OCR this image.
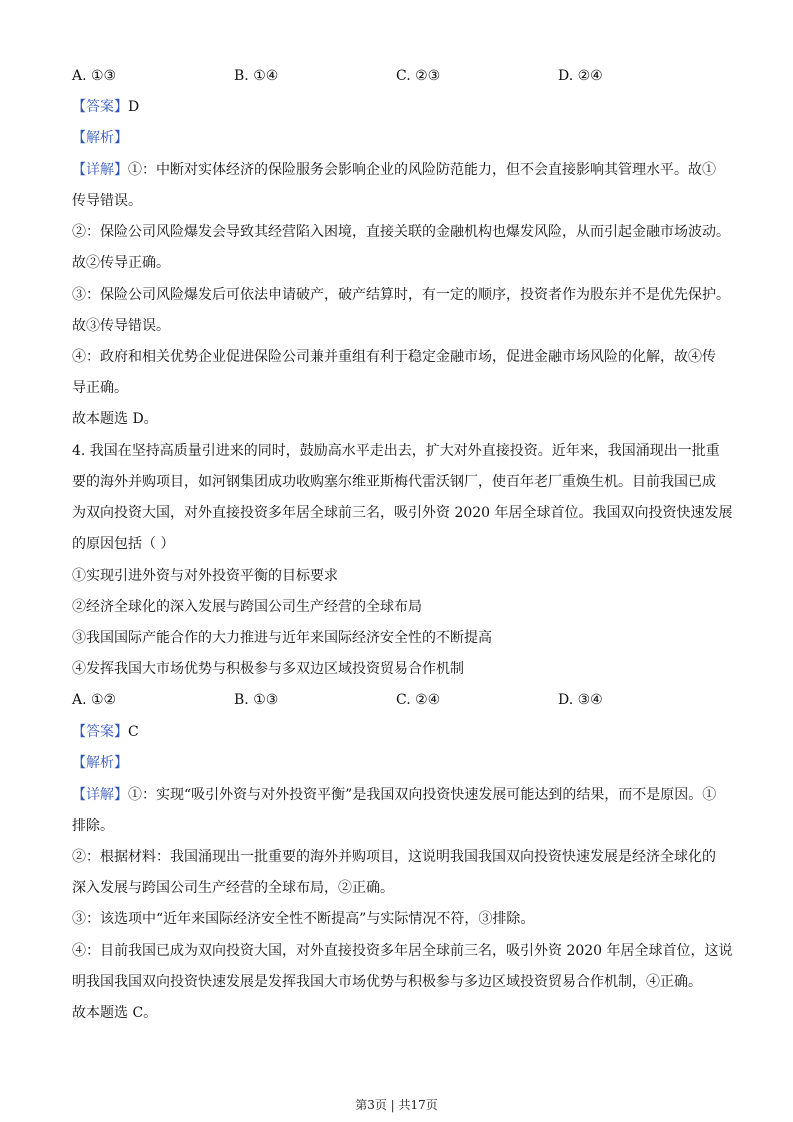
A. ①③	B. ①④	C. ②③	D. ②④
【答案】D
【解析】
【详解】①：中断对实体经济的保险服务会影响企业的风险防范能力，但不会直接影响其管理水平。故①
传导错误。
②：保险公司风险爆发会导致其经营陷入困境，直接关联的金融机构也爆发风险，从而引起金融市场波动。
故②传导正确。
③：保险公司风险爆发后可依法申请破产，破产结算时，有一定的顺序，投资者作为股东并不是优先保护。
故③传导错误。
④：政府和相关优势企业促进保险公司兼并重组有利于稳定金融市场，促进金融市场风险的化解，故④传
导正确。
故本题选 D。
4. 我国在坚持高质量引进来的同时，鼓励高水平走出去，扩大对外直接投资。近年来，我国涌现出一批重
要的海外并购项目，如河钢集团成功收购塞尔维亚斯梅代雷沃钢厂，使百年老厂重焕生机。目前我国已成
为双向投资大国，对外直接投资多年居全球前三名，吸引外资 2020 年居全球首位。我国双向投资快速发展
的原因包括（ ）
①实现引进外资与对外投资平衡的目标要求
②经济全球化的深入发展与跨国公司生产经营的全球布局
③我国国际产能合作的大力推进与近年来国际经济安全性的不断提高
④发挥我国大市场优势与积极参与多双边区域投资贸易合作机制
A. ①②	B. ①③	C. ②④	D. ③④
【答案】C
【解析】
【详解】①：实现“吸引外资与对外投资平衡”是我国双向投资快速发展可能达到的结果，而不是原因。①
排除。
②：根据材料：我国涌现出一批重要的海外并购项目，这说明我国我国双向投资快速发展是经济全球化的
深入发展与跨国公司生产经营的全球布局，②正确。
③：该选项中“近年来国际经济安全性不断提高”与实际情况不符，③排除。
④：目前我国已成为双向投资大国，对外直接投资多年居全球前三名，吸引外资 2020 年居全球首位，这说
明我国我国双向投资快速发展是发挥我国大市场优势与积极参与多边区域投资贸易合作机制，④正确。
故本题选 C。
第3页 | 共17页
